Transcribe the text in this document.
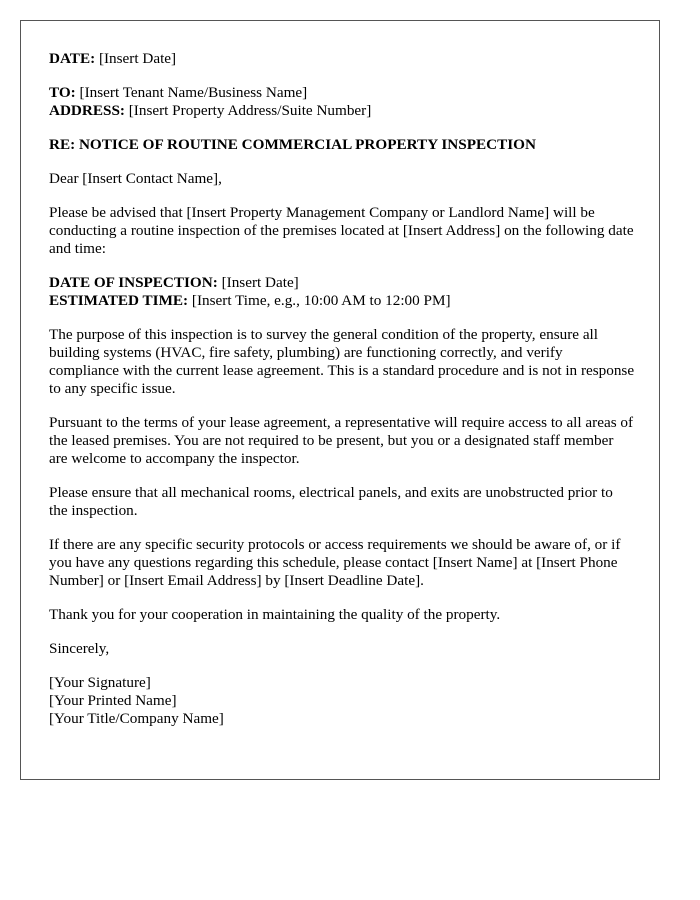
DATE: [Insert Date]

TO: [Insert Tenant Name/Business Name]
ADDRESS: [Insert Property Address/Suite Number]

RE: NOTICE OF ROUTINE COMMERCIAL PROPERTY INSPECTION

Dear [Insert Contact Name],

Please be advised that [Insert Property Management Company or Landlord Name] will be conducting a routine inspection of the premises located at [Insert Address] on the following date and time:

DATE OF INSPECTION: [Insert Date]
ESTIMATED TIME: [Insert Time, e.g., 10:00 AM to 12:00 PM]

The purpose of this inspection is to survey the general condition of the property, ensure all building systems (HVAC, fire safety, plumbing) are functioning correctly, and verify compliance with the current lease agreement. This is a standard procedure and is not in response to any specific issue.

Pursuant to the terms of your lease agreement, a representative will require access to all areas of the leased premises. You are not required to be present, but you or a designated staff member are welcome to accompany the inspector.

Please ensure that all mechanical rooms, electrical panels, and exits are unobstructed prior to the inspection.

If there are any specific security protocols or access requirements we should be aware of, or if you have any questions regarding this schedule, please contact [Insert Name] at [Insert Phone Number] or [Insert Email Address] by [Insert Deadline Date].

Thank you for your cooperation in maintaining the quality of the property.

Sincerely,

[Your Signature]
[Your Printed Name]
[Your Title/Company Name]
